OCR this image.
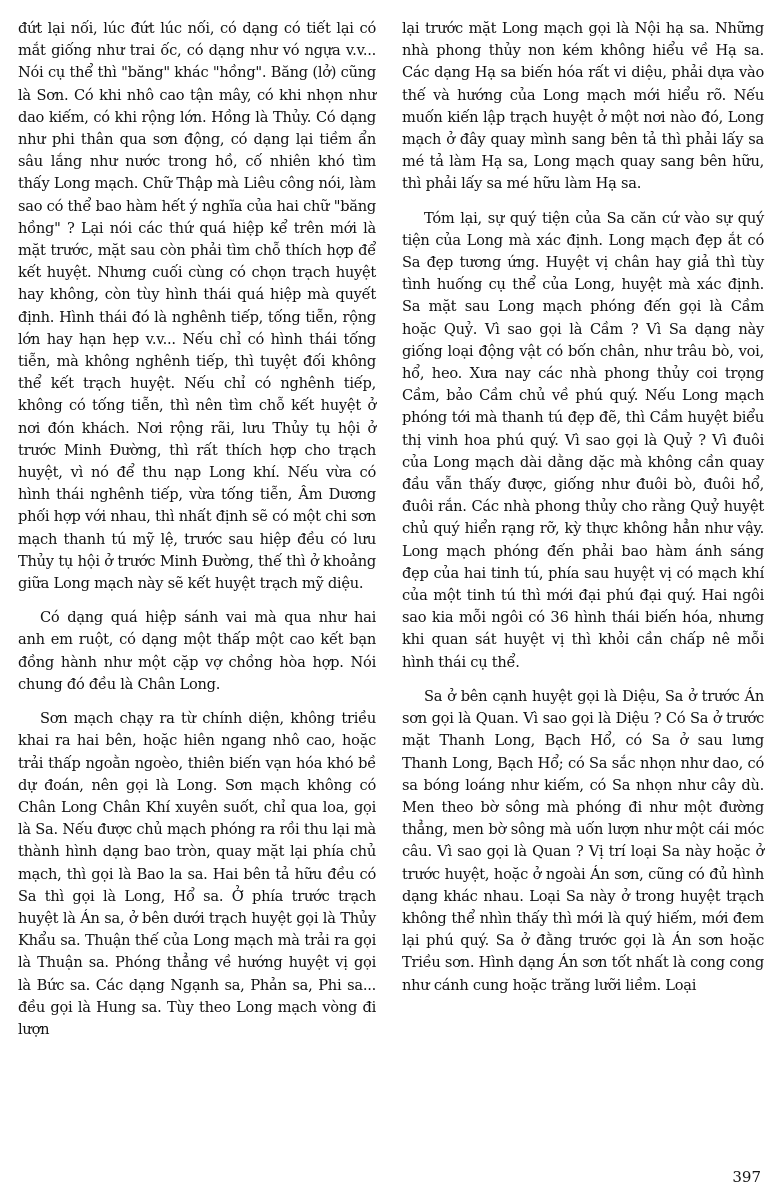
đứt lại nối, lúc đứt lúc nối, có dạng có tiết lại có mắt giống như trai ốc, có dạng như vó ngựa v.v... Nói cụ thể thì "băng" khác "hồng". Băng (lở) cũng là Sơn. Có khi nhô cao tận mây, có khi nhọn như dao kiếm, có khi rộng lớn. Hồng là Thủy. Có dạng như phi thân qua sơn động, có dạng lại tiềm ẩn sâu lắng như nước trong hồ, cố nhiên khó tìm thấy Long mạch. Chữ Thập mà Liêu công nói, làm sao có thể bao hàm hết ý nghĩa của hai chữ "băng hồng" ? Lại nói các thứ quá hiệp kể trên mới là mặt trước, mặt sau còn phải tìm chỗ thích hợp để kết huyệt. Nhưng cuối cùng có chọn trạch huyệt hay không, còn tùy hình thái quá hiệp mà quyết định. Hình thái đó là nghênh tiếp, tống tiễn, rộng lớn hay hạn hẹp v.v... Nếu chỉ có hình thái tống tiễn, mà không nghênh tiếp, thì tuyệt đối không thể kết trạch huyệt. Nếu chỉ có nghênh tiếp, không có tống tiễn, thì nên tìm chỗ kết huyệt ở nơi đón khách. Nơi rộng rãi, lưu Thủy tụ hội ở trước Minh Đường, thì rất thích hợp cho trạch huyệt, vì nó để thu nạp Long khí. Nếu vừa có hình thái nghênh tiếp, vừa tống tiễn, Âm Dương phối hợp với nhau, thì nhất định sẽ có một chi sơn mạch thanh tú mỹ lệ, trước sau hiệp đều có lưu Thủy tụ hội ở trước Minh Đường, thế thì ở khoảng giữa Long mạch này sẽ kết huyệt trạch mỹ diệu.

Có dạng quá hiệp sánh vai mà qua như hai anh em ruột, có dạng một thấp một cao kết bạn đồng hành như một cặp vợ chồng hòa hợp. Nói chung đó đều là Chân Long.

Sơn mạch chạy ra từ chính diện, không triều khai ra hai bên, hoặc hiên ngang nhô cao, hoặc trải thấp ngoằn ngoèo, thiên biến vạn hóa khó bề dự đoán, nên gọi là Long. Sơn mạch không có Chân Long Chân Khí xuyên suốt, chỉ qua loa, gọi là Sa. Nếu được chủ mạch phóng ra rồi thu lại mà thành hình dạng bao tròn, quay mặt lại phía chủ mạch, thì gọi là Bao la sa. Hai bên tả hữu đều có Sa thì gọi là Long, Hổ sa. Ở phía trước trạch huyệt là Án sa, ở bên dưới trạch huyệt gọi là Thủy Khẩu sa. Thuận thế của Long mạch mà trải ra gọi là Thuận sa. Phóng thẳng về hướng huyệt vị gọi là Bức sa. Các dạng Ngạnh sa, Phản sa, Phi sa... đều gọi là Hung sa. Tùy theo Long mạch vòng đi lượn

lại trước mặt Long mạch gọi là Nội hạ sa. Những nhà phong thủy non kém không hiểu về Hạ sa. Các dạng Hạ sa biến hóa rất vi diệu, phải dựa vào thế và hướng của Long mạch mới hiểu rõ. Nếu muốn kiến lập trạch huyệt ở một nơi nào đó, Long mạch ở đây quay mình sang bên tả thì phải lấy sa mé tả làm Hạ sa, Long mạch quay sang bên hữu, thì phải lấy sa mé hữu làm Hạ sa.

Tóm lại, sự quý tiện của Sa căn cứ vào sự quý tiện của Long mà xác định. Long mạch đẹp ắt có Sa đẹp tương ứng. Huyệt vị chân hay giả thì tùy tình huống cụ thể của Long, huyệt mà xác định. Sa mặt sau Long mạch phóng đến gọi là Cầm hoặc Quỷ. Vì sao gọi là Cầm ? Vì Sa dạng này giống loại động vật có bốn chân, như trâu bò, voi, hổ, heo. Xưa nay các nhà phong thủy coi trọng Cầm, bảo Cầm chủ về phú quý. Nếu Long mạch phóng tới mà thanh tú đẹp đẽ, thì Cầm huyệt biểu thị vinh hoa phú quý. Vì sao gọi là Quỷ ? Vì đuôi của Long mạch dài dằng dặc mà không cần quay đầu vẫn thấy được, giống như đuôi bò, đuôi hổ, đuôi rắn. Các nhà phong thủy cho rằng Quỷ huyệt chủ quý hiển rạng rỡ, kỳ thực không hẳn như vậy. Long mạch phóng đến phải bao hàm ánh sáng đẹp của hai tinh tú, phía sau huyệt vị có mạch khí của một tinh tú thì mới đại phú đại quý. Hai ngôi sao kia mỗi ngôi có 36 hình thái biến hóa, nhưng khi quan sát huyệt vị thì khỏi cần chấp nê mỗi hình thái cụ thể.

Sa ở bên cạnh huyệt gọi là Diệu, Sa ở trước Án sơn gọi là Quan. Vì sao gọi là Diệu ? Có Sa ở trước mặt Thanh Long, Bạch Hổ, có Sa ở sau lưng Thanh Long, Bạch Hổ; có Sa sắc nhọn như dao, có sa bóng loáng như kiếm, có Sa nhọn như cây dù. Men theo bờ sông mà phóng đi như một đường thẳng, men bờ sông mà uốn lượn như một cái móc câu. Vì sao gọi là Quan ? Vị trí loại Sa này hoặc ở trước huyệt, hoặc ở ngoài Án sơn, cũng có đủ hình dạng khác nhau. Loại Sa này ở trong huyệt trạch không thể nhìn thấy thì mới là quý hiếm, mới đem lại phú quý. Sa ở đằng trước gọi là Án sơn hoặc Triều sơn. Hình dạng Án sơn tốt nhất là cong cong như cánh cung hoặc trăng lưỡi liềm. Loại

397
